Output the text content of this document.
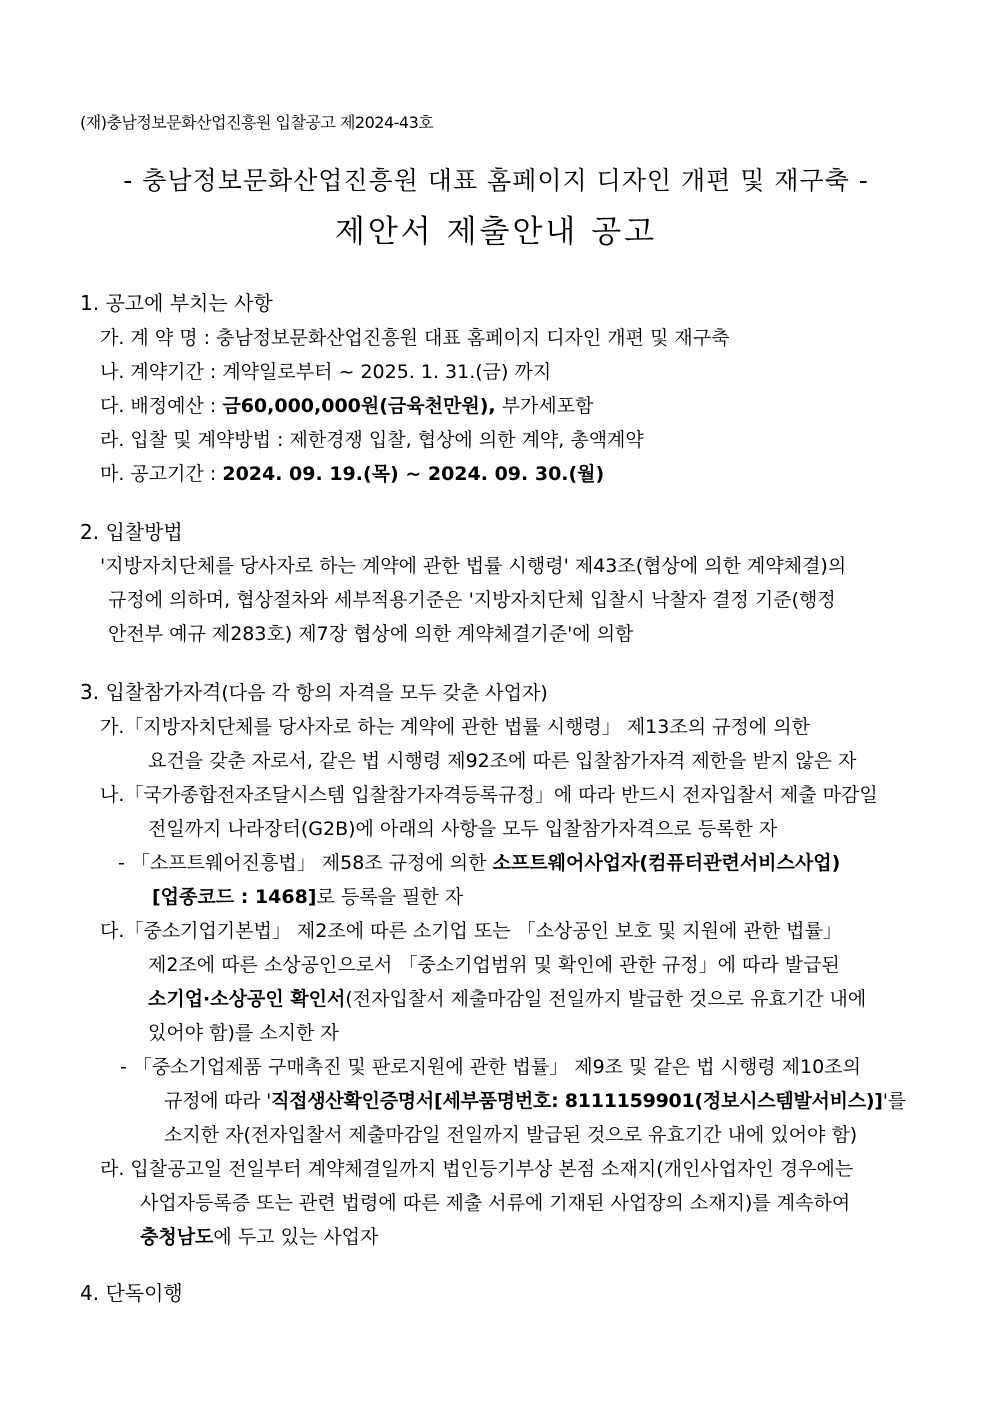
(재)충남정보문화산업진흥원 입찰공고 제2024-43호
- 충남정보문화산업진흥원 대표 홈페이지 디자인 개편 및 재구축 -
제안서 제출안내 공고
1. 공고에 부치는 사항
가. 계 약 명 : 충남정보문화산업진흥원 대표 홈페이지 디자인 개편 및 재구축
나. 계약기간 : 계약일로부터 ~ 2025. 1. 31.(금) 까지
다. 배정예산 : 금60,000,000원(금육천만원), 부가세포함
라. 입찰 및 계약방법 : 제한경쟁 입찰, 협상에 의한 계약, 총액계약
마. 공고기간 : 2024. 09. 19.(목) ~ 2024. 09. 30.(월)
2. 입찰방법
'지방자치단체를 당사자로 하는 계약에 관한 법률 시행령' 제43조(협상에 의한 계약체결)의
규정에 의하며, 협상절차와 세부적용기준은 '지방자치단체 입찰시 낙찰자 결정 기준(행정
안전부 예규 제283호) 제7장 협상에 의한 계약체결기준'에 의함
3. 입찰참가자격(다음 각 항의 자격을 모두 갖춘 사업자)
가.「지방자치단체를 당사자로 하는 계약에 관한 법률 시행령」 제13조의 규정에 의한
요건을 갖춘 자로서, 같은 법 시행령 제92조에 따른 입찰참가자격 제한을 받지 않은 자
나.「국가종합전자조달시스템 입찰참가자격등록규정」에 따라 반드시 전자입찰서 제출 마감일
전일까지 나라장터(G2B)에 아래의 사항을 모두 입찰참가자격으로 등록한 자
- 「소프트웨어진흥법」 제58조 규정에 의한 소프트웨어사업자(컴퓨터관련서비스사업)
[업종코드 : 1468]로 등록을 필한 자
다.「중소기업기본법」 제2조에 따른 소기업 또는 「소상공인 보호 및 지원에 관한 법률」
제2조에 따른 소상공인으로서 「중소기업범위 및 확인에 관한 규정」에 따라 발급된
소기업·소상공인 확인서(전자입찰서 제출마감일 전일까지 발급한 것으로 유효기간 내에
있어야 함)를 소지한 자
- 「중소기업제품 구매촉진 및 판로지원에 관한 법률」 제9조 및 같은 법 시행령 제10조의
규정에 따라 '직접생산확인증명서[세부품명번호: 8111159901(정보시스템발서비스)]'를
소지한 자(전자입찰서 제출마감일 전일까지 발급된 것으로 유효기간 내에 있어야 함)
라. 입찰공고일 전일부터 계약체결일까지 법인등기부상 본점 소재지(개인사업자인 경우에는
사업자등록증 또는 관련 법령에 따른 제출 서류에 기재된 사업장의 소재지)를 계속하여
충청남도에 두고 있는 사업자
4. 단독이행
